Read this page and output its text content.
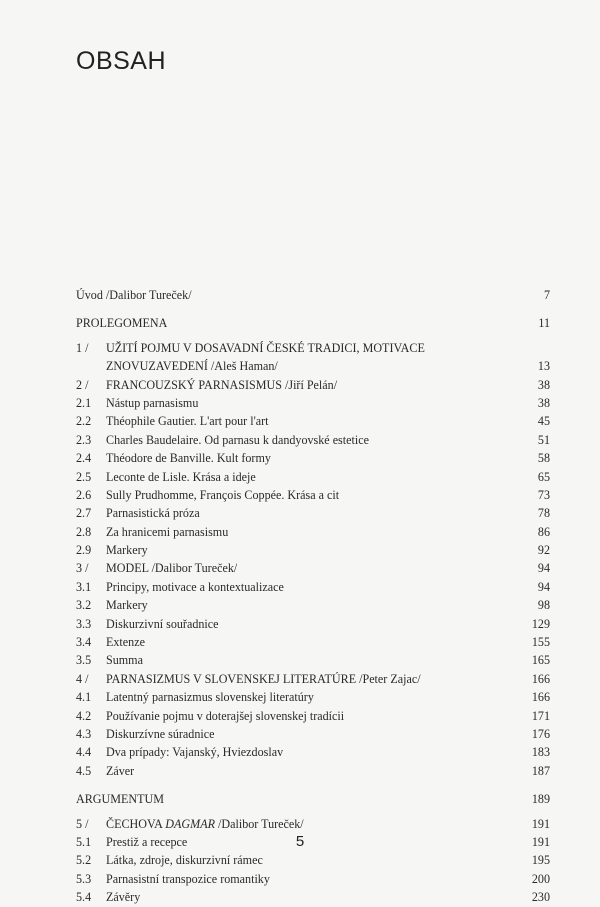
OBSAH
Úvod /Dalibor Tureček/ . . .	7
PROLEGOMENA . . .	11
1 /	UŽITÍ POJMU V DOSAVADNÍ ČESKÉ TRADICI, MOTIVACE
ZNOVUZAVEDENÍ /Aleš Haman/ . . .	13
2 /	FRANCOUZSKÝ PARNASISMUS /Jiří Pelán/ . . .	38
2.1	Nástup parnasismu . . .	38
2.2	Théophile Gautier. L'art pour l'art . . .	45
2.3	Charles Baudelaire. Od parnasu k dandyovské estetice . . .	51
2.4	Théodore de Banville. Kult formy . . .	58
2.5	Leconte de Lisle. Krása a ideje . . .	65
2.6	Sully Prudhomme, François Coppée. Krása a cit . . .	73
2.7	Parnasistická próza . . .	78
2.8	Za hranicemi parnasismu . . .	86
2.9	Markery . . .	92
3 /	MODEL /Dalibor Tureček/ . . .	94
3.1	Principy, motivace a kontextualizace . . .	94
3.2	Markery . . .	98
3.3	Diskurzivní souřadnice . . .	129
3.4	Extenze . . .	155
3.5	Summa . . .	165
4 /	PARNASIZMUS V SLOVENSKEJ LITERATÚRE /Peter Zajac/ . . .	166
4.1	Latentný parnasizmus slovenskej literatúry . . .	166
4.2	Používanie pojmu v doterajšej slovenskej tradícii . . .	171
4.3	Diskurzívne súradnice . . .	176
4.4	Dva prípady: Vajanský, Hviezdoslav . . .	183
4.5	Záver . . .	187
ARGUMENTUM . . .	189
5 /	ČECHOVA DAGMAR /Dalibor Tureček/ . . .	191
5.1	Prestiž a recepce . . .	191
5.2	Látka, zdroje, diskurzivní rámec . . .	195
5.3	Parnasistní transpozice romantiky . . .	200
5.4	Závěry . . .	230
5
